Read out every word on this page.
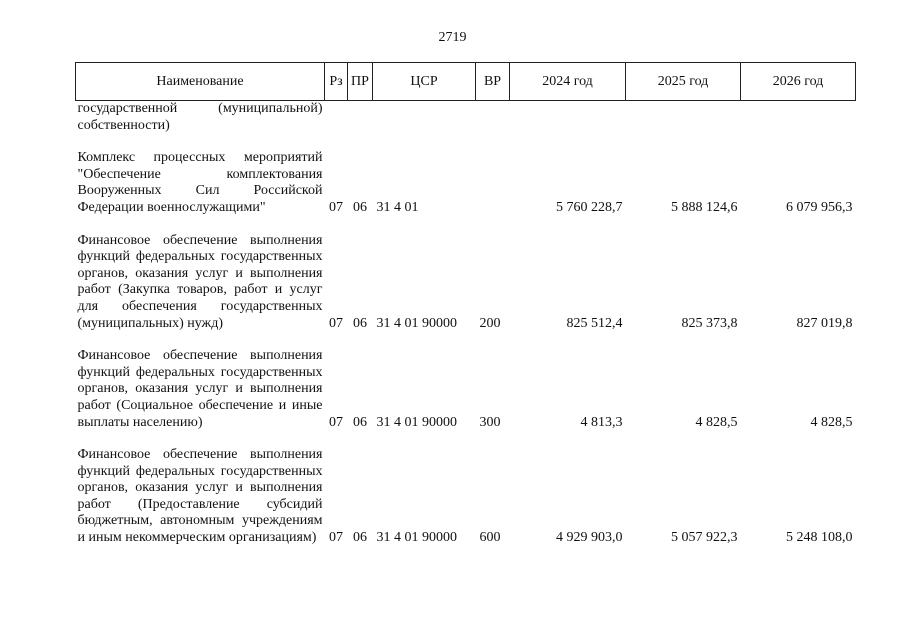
2719
Наименование	Рз	ПР	ЦСР	ВР	2024 год	2025 год	2026 год
государственной (муниципальной) собственности)							
Комплекс процессных мероприятий "Обеспечение комплектования Вооруженных Сил Российской Федерации военнослужащими"	07	06	31 4 01		5 760 228,7	5 888 124,6	6 079 956,3
Финансовое обеспечение выполнения функций федеральных государственных органов, оказания услуг и выполнения работ (Закупка товаров, работ и услуг для обеспечения государственных (муниципальных) нужд)	07	06	31 4 01 90000	200	825 512,4	825 373,8	827 019,8
Финансовое обеспечение выполнения функций федеральных государственных органов, оказания услуг и выполнения работ (Социальное обеспечение и иные выплаты населению)	07	06	31 4 01 90000	300	4 813,3	4 828,5	4 828,5
Финансовое обеспечение выполнения функций федеральных государственных органов, оказания услуг и выполнения работ (Предоставление субсидий бюджетным, автономным учреждениям и иным некоммерческим организациям)	07	06	31 4 01 90000	600	4 929 903,0	5 057 922,3	5 248 108,0
